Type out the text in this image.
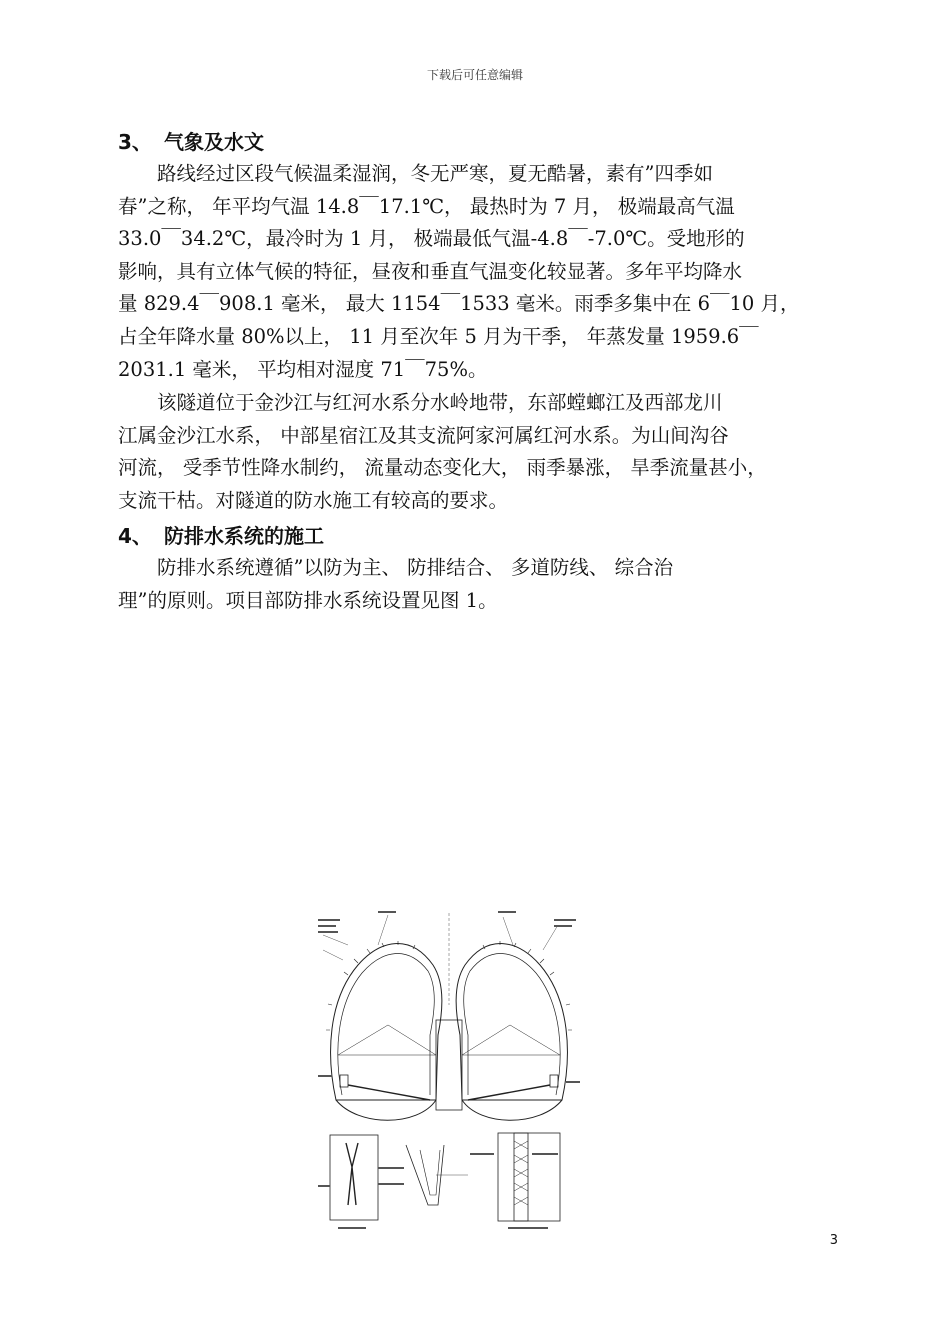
下载后可任意编辑
3、 气象及水文
路线经过区段气候温柔湿润，冬无严寒，夏无酷暑，素有”四季如
春”之称， 年平均气温 14.8￣17.1℃， 最热时为 7 月， 极端最高气温
33.0￣34.2℃，最冷时为 1 月， 极端最低气温-4.8￣-7.0℃。受地形的
影响，具有立体气候的特征，昼夜和垂直气温变化较显著。多年平均降水
量 829.4￣908.1 毫米， 最大 1154￣1533 毫米。雨季多集中在 6￣10 月，
占全年降水量 80%以上， 11 月至次年 5 月为干季， 年蒸发量 1959.6￣
2031.1 毫米， 平均相对湿度 71￣75%。
该隧道位于金沙江与红河水系分水岭地带，东部螳螂江及西部龙川
江属金沙江水系， 中部星宿江及其支流阿家河属红河水系。为山间沟谷
河流， 受季节性降水制约， 流量动态变化大， 雨季暴涨， 旱季流量甚小，
支流干枯。对隧道的防水施工有较高的要求。
4、 防排水系统的施工
防排水系统遵循”以防为主、 防排结合、 多道防线、 综合治
理”的原则。项目部防排水系统设置见图 1。
3
